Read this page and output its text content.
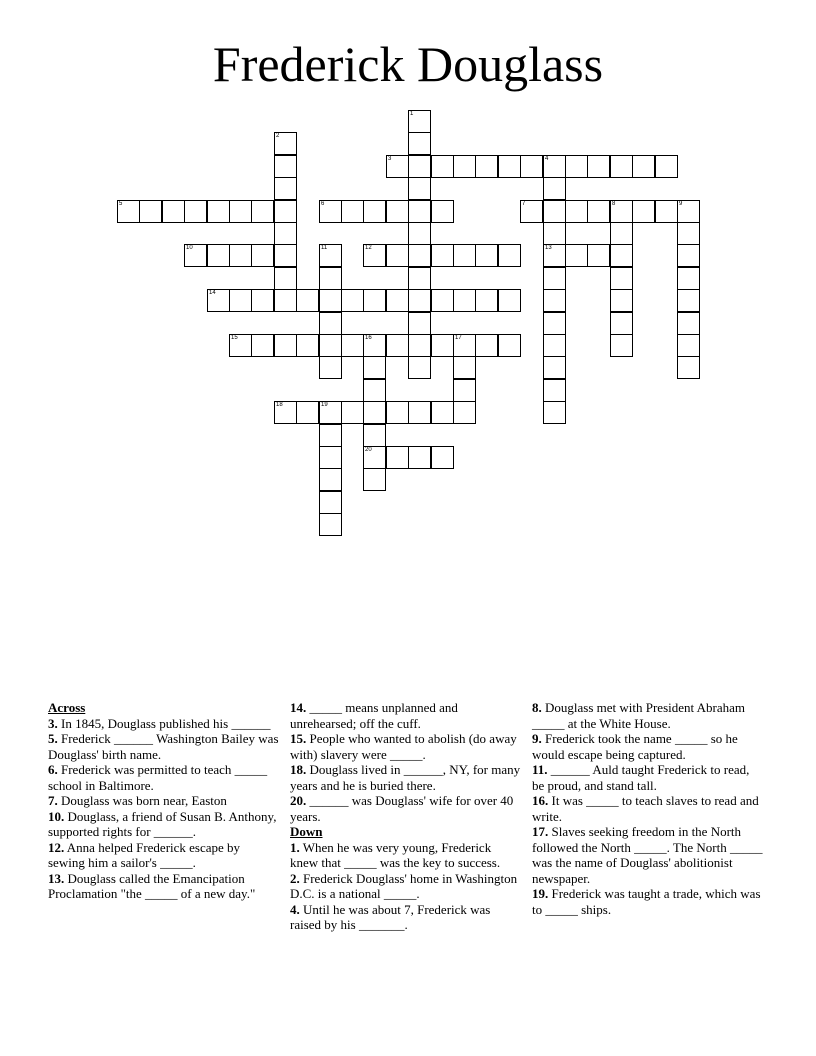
Frederick Douglass
1
2
3	4
13
5	6	7	8	9
10	11	12
14
15	16	17
20
18	19
Across
3. In 1845, Douglass published his ______
5. Frederick ______ Washington Bailey was Douglass' birth name.
6. Frederick was permitted to teach _____ school in Baltimore.
7. Douglass was born near, Easton
10. Douglass, a friend of Susan B. Anthony, supported rights for ______.
12. Anna helped Frederick escape by sewing him a sailor's _____.
13. Douglass called the Emancipation Proclamation "the _____ of a new day."
14. _____ means unplanned and unrehearsed; off the cuff.
15. People who wanted to abolish (do away with) slavery were _____.
18. Douglass lived in ______, NY, for many years and he is buried there.
20. ______ was Douglass' wife for over 40 years.
Down
1. When he was very young, Frederick knew that _____ was the key to success.
2. Frederick Douglass' home in Washington D.C. is a national _____.
4. Until he was about 7, Frederick was raised by his _______.
8. Douglass met with President Abraham _____ at the White House.
9. Frederick took the name _____ so he would escape being captured.
11. ______ Auld taught Frederick to read, be proud, and stand tall.
16. It was _____ to teach slaves to read and write.
17. Slaves seeking freedom in the North followed the North _____. The North _____ was the name of Douglass' abolitionist newspaper.
19. Frederick was taught a trade, which was to _____ ships.
